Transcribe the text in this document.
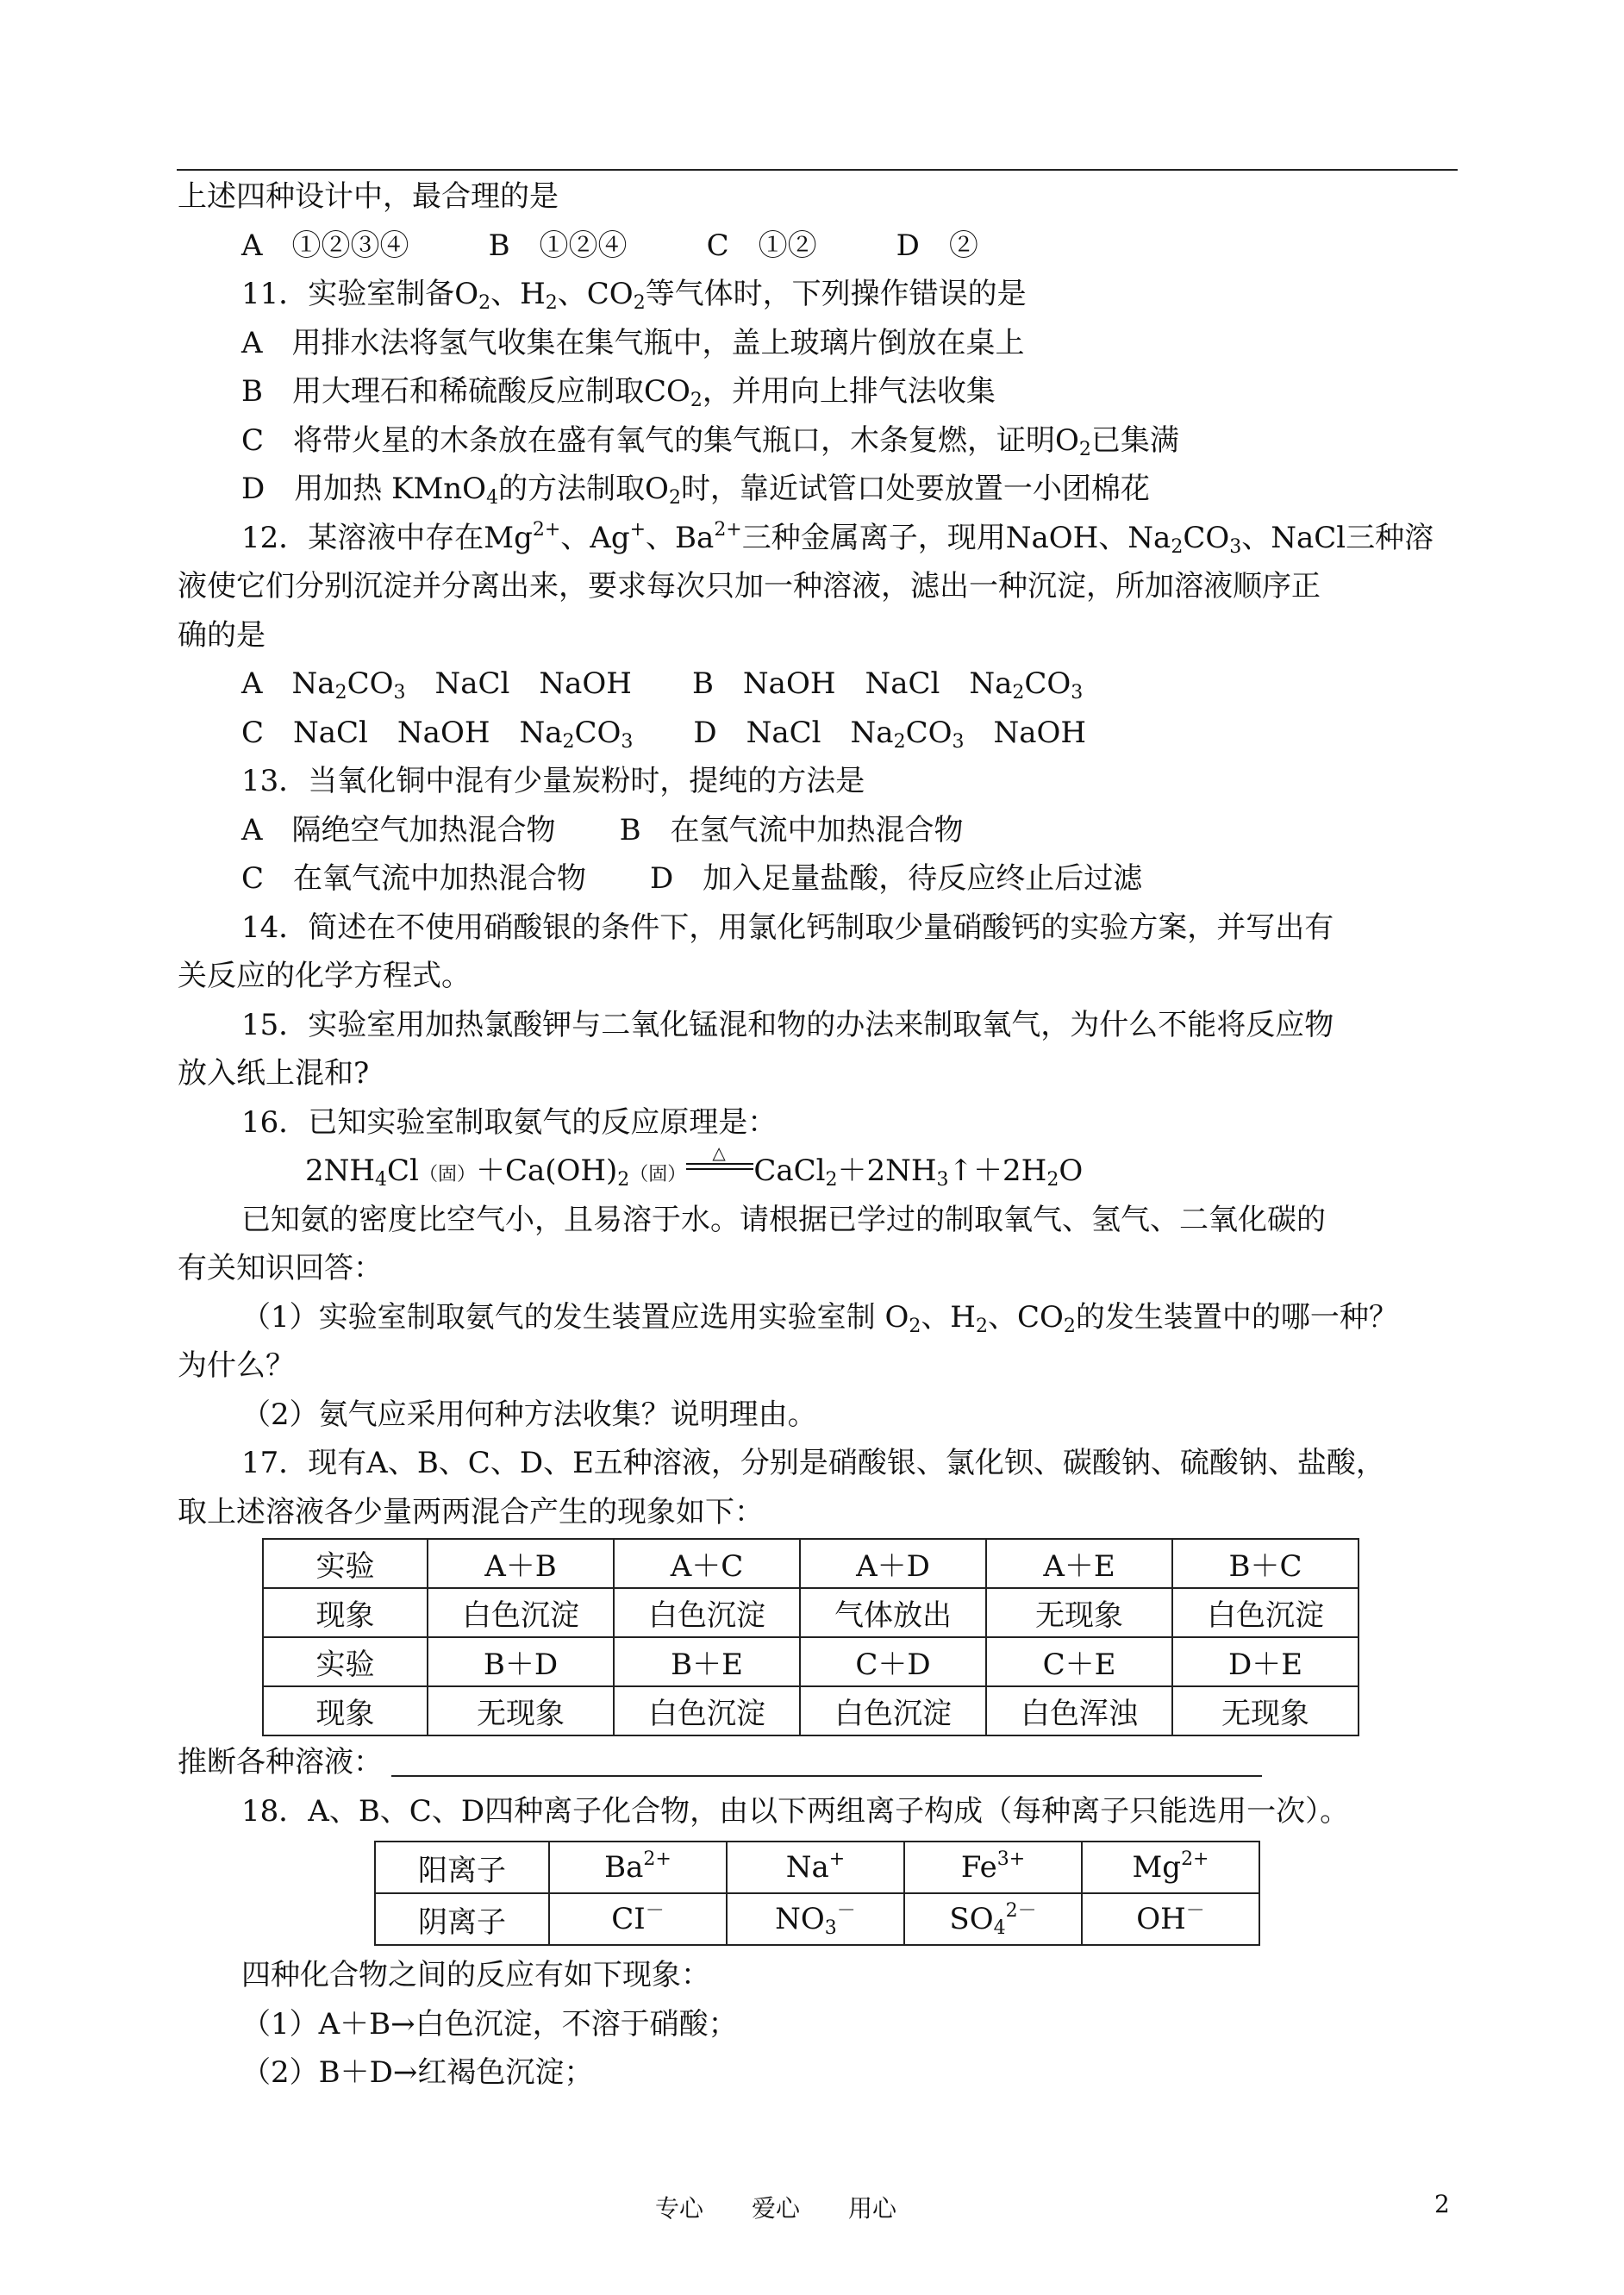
上述四种设计中，最合理的是
A　①②③④	B　①②④	C　①②	D　②
11．实验室制备$O_2$、$H_2$、$CO_2$等气体时，下列操作错误的是
A　用排水法将氢气收集在集气瓶中，盖上玻璃片倒放在桌上
B　用大理石和稀硫酸反应制取$CO_2$，并用向上排气法收集
C　将带火星的木条放在盛有氧气的集气瓶口，木条复燃，证明$O_2$已集满
D　用加热 KMnO$_4$的方法制取$O_2$时，靠近试管口处要放置一小团棉花
12．某溶液中存在$Mg^{2+}$、Ag+、$Ba^{2+}$三种金属离子，现用NaOH、$Na_2CO_3$、NaCl三种溶
液使它们分别沉淀并分离出来，要求每次只加一种溶液，滤出一种沉淀，所加溶液顺序正
确的是
A　$Na_2CO_3$　NaCl　NaOH B　NaOH　NaCl　$Na_2CO_3$
C　NaCl　NaOH　$Na_2CO_3$ D　NaCl　$Na_2CO_3$　NaOH
13．当氧化铜中混有少量炭粉时，提纯的方法是
A　隔绝空气加热混合物 B　在氢气流中加热混合物
C　在氧气流中加热混合物 D　加入足量盐酸，待反应终止后过滤
14．简述在不使用硝酸银的条件下，用氯化钙制取少量硝酸钙的实验方案，并写出有
关反应的化学方程式。
15．实验室用加热氯酸钾与二氧化锰混和物的办法来制取氧气，为什么不能将反应物
放入纸上混和?
16．已知实验室制取氨气的反应原理是：
$2NH_4Cl$（固）$+Ca(OH)_2$（固）
△
$CaCl_2+2NH_3↑+2H_2O$
已知氨的密度比空气小，且易溶于水。请根据已学过的制取氧气、氢气、二氧化碳的
有关知识回答：
（1）实验室制取氨气的发生装置应选用实验室制 $O_2$、$H_2$、$CO_2$的发生装置中的哪一种？
为什么？
（2）氨气应采用何种方法收集？说明理由。
17．现有A、B、C、D、E五种溶液，分别是硝酸银、氯化钡、碳酸钠、硫酸钠、盐酸，
取上述溶液各少量两两混合产生的现象如下：
实验	A＋B	A＋C	A＋D	A＋E	B＋C
现象	白色沉淀	白色沉淀	气体放出	无现象	白色沉淀
实验	B＋D	B＋E	C＋D	C＋E	D＋E
现象	无现象	白色沉淀	白色沉淀	白色浑浊	无现象
推断各种溶液：
18．A、B、C、D四种离子化合物，由以下两组离子构成（每种离子只能选用一次）。
阳离子	$Ba^{2+}$	Na+	$Fe^{3+}$	$Mg^{2+}$
阴离子	CI－	$NO_3^-$	$SO_4^{2-}$	OH－
四种化合物之间的反应有如下现象：
（1）A＋B→白色沉淀，不溶于硝酸；
（2）B＋D→红褐色沉淀；
专心　　爱心　　用心	2
